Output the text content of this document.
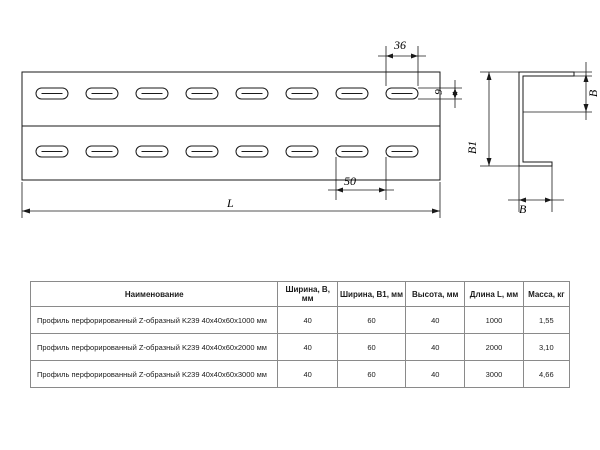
36
9
50
L
B
B1
B
Наименование	Ширина, B, мм	Ширина, B1, мм	Высота, мм	Длина L, мм	Масса, кг
Профиль перфорированный Z-образный K239 40x40x60x1000 мм	40	60	40	1000	1,55
Профиль перфорированный Z-образный K239 40x40x60x2000 мм	40	60	40	2000	3,10
Профиль перфорированный Z-образный K239 40x40x60x3000 мм	40	60	40	3000	4,66
